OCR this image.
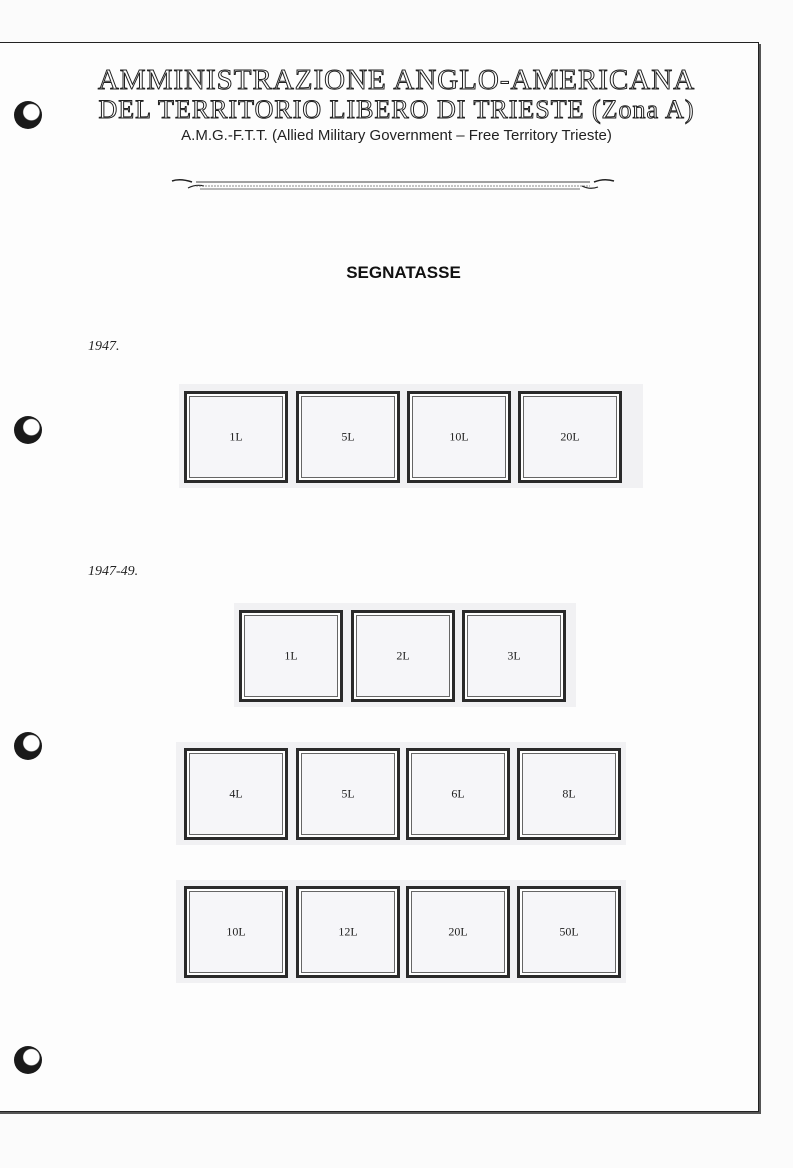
AMMINISTRAZIONE ANGLO-AMERICANA
DEL TERRITORIO LIBERO DI TRIESTE (Zona A)
A.M.G.-F.T.T. (Allied Military Government – Free Territory Trieste)
SEGNATASSE
1947.
1L	5L	10L	20L
1947-49.
1L	2L	3L
4L	5L	6L	8L
10L	12L	20L	50L
